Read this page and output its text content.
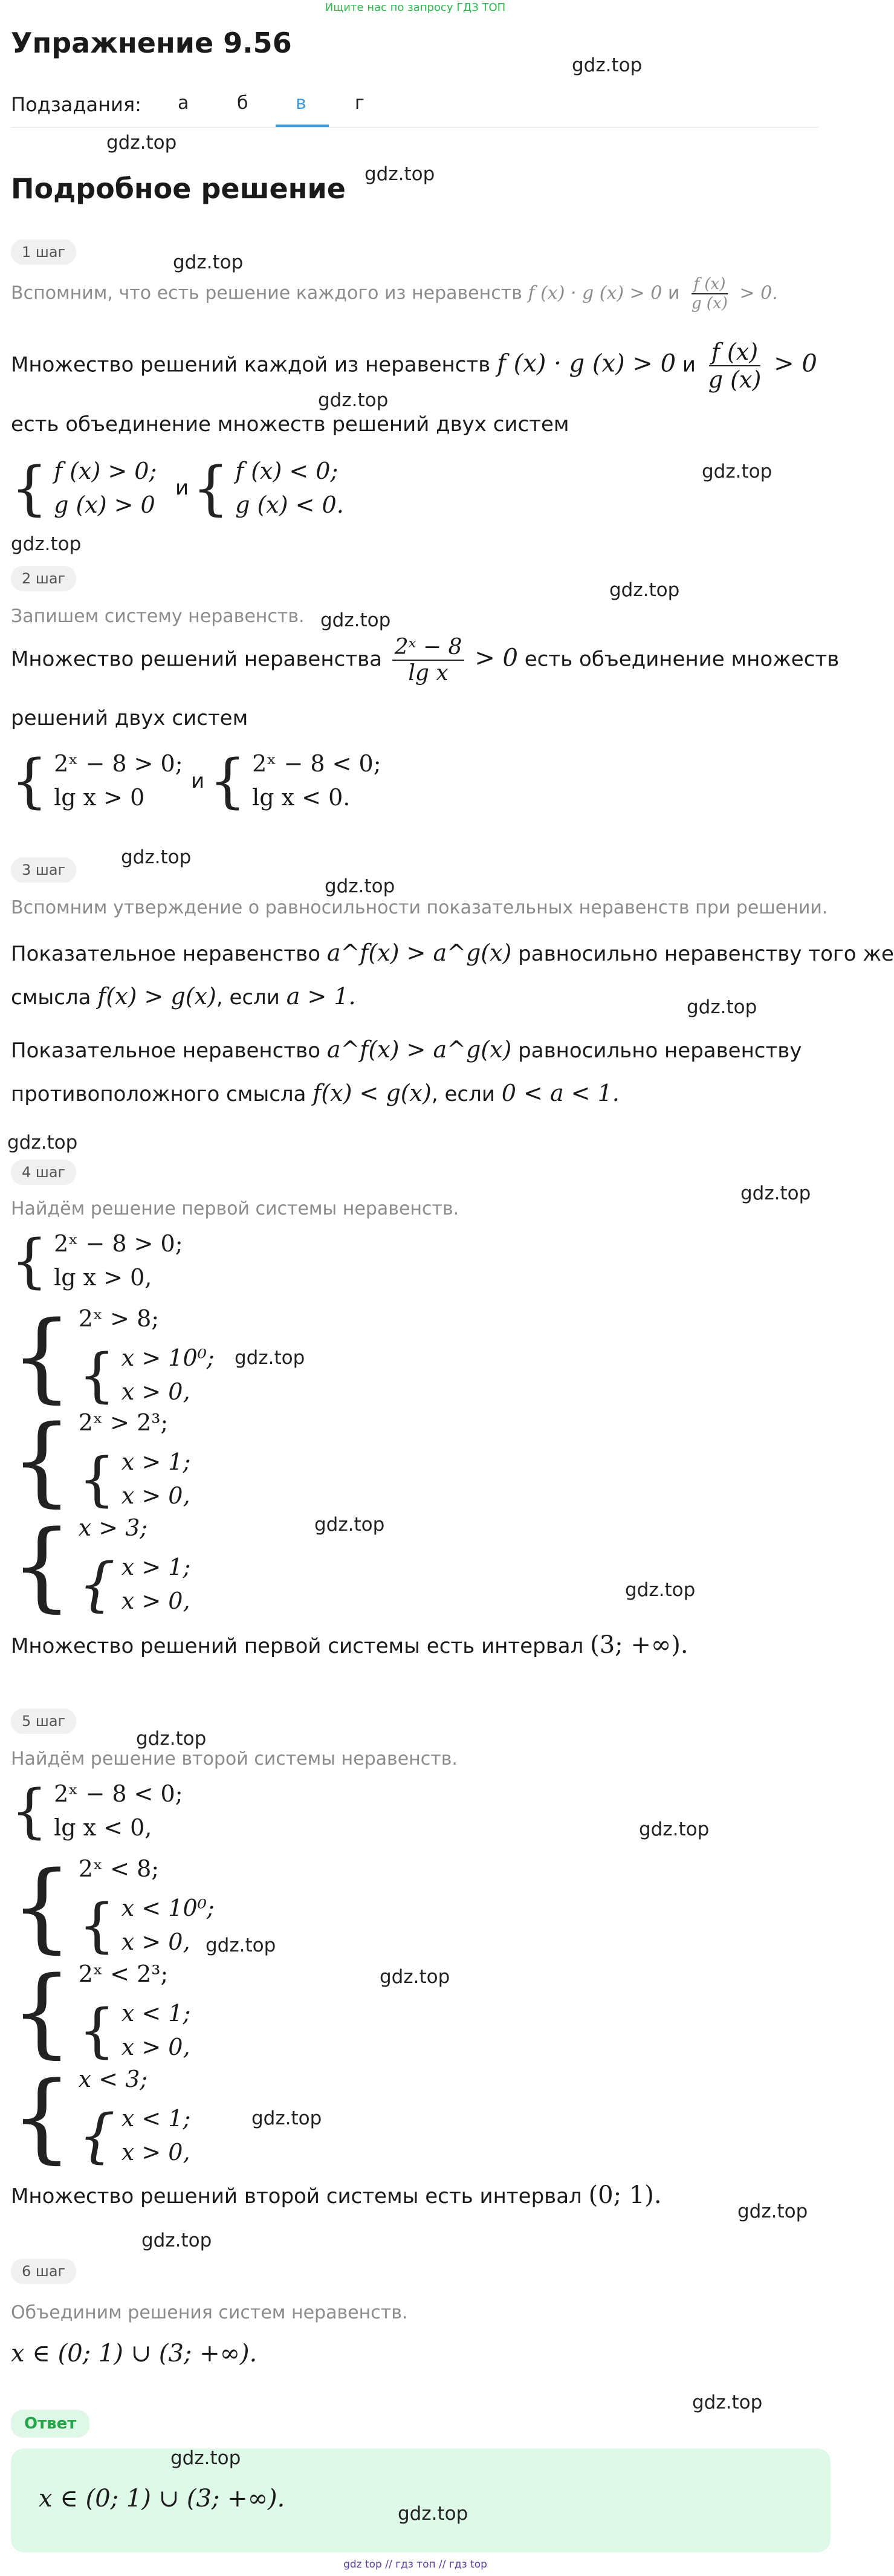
Ищите нас по запросу ГДЗ ТОП
Упражнение 9.56
gdz.top
Подзадания: а	б	в	г
gdz.top
Подробное решение gdz.top
1 шаг	gdz.top
Вспомним, что есть решение каждого из неравенств f (x) · g (x) > 0 и $\frac{f (x)}{g (x)} > 0$.
Множество решений каждой из неравенств f (x) · g (x) > 0 и $\frac{f (x)}{g (x)} > 0$
gdz.top
есть объединение множеств решений двух систем
{ f (x) > 0;
g (x) > 0
и { f (x) < 0;
g (x) < 0.
gdz.top
gdz.top
2 шаг
gdz.top
Запишем систему неравенств. gdz.top
Множество решений неравенства $\frac{\text{2ˣ − 8}}{\text{lg x}} > 0$ есть объединение множеств
решений двух систем
{ 2ˣ − 8 > 0;
lg x > 0
и { 2ˣ − 8 < 0;
lg x < 0.
gdz.top
3 шаг
gdz.top
Вспомним утверждение о равносильности показательных неравенств при решении.
Показательное неравенство a^f(x) > a^g(x) равносильно неравенству того же
смысла f(x) > g(x), если a > 1.	gdz.top
Показательное неравенство a^f(x) > a^g(x) равносильно неравенству
противоположного смысла f(x) < g(x), если 0 < a < 1.
gdz.top
4 шаг
gdz.top
Найдём решение первой системы неравенств.
{ 2ˣ − 8 > 0;
lg x > 0,
{ 2ˣ > 8;
{ x > 10⁰;
x > 0,
gdz.top
{ 2ˣ > 2³;
{ x > 1;
x > 0,
gdz.top
{ x > 3;
{ x > 1;
x > 0,	gdz.top
Множество решений первой системы есть интервал (3; +∞).
5 шаг
gdz.top
Найдём решение второй системы неравенств.
{ 2ˣ − 8 < 0;
lg x < 0,	gdz.top
{ 2ˣ < 8;
{ x < 10⁰;
x > 0, gdz.top
{ 2ˣ < 2³;
{ x < 1;
x > 0,
gdz.top
{ x < 3;
{ x < 1;
x > 0,
gdz.top
Множество решений второй системы есть интервал (0; 1).
gdz.top
gdz.top
6 шаг
Объединим решения систем неравенств.
x ∈ (0; 1) ∪ (3; +∞).
Ответ
gdz.top
gdz.top
x ∈ (0; 1) ∪ (3; +∞).
gdz.top
gdz top // гдз топ // гдз top
